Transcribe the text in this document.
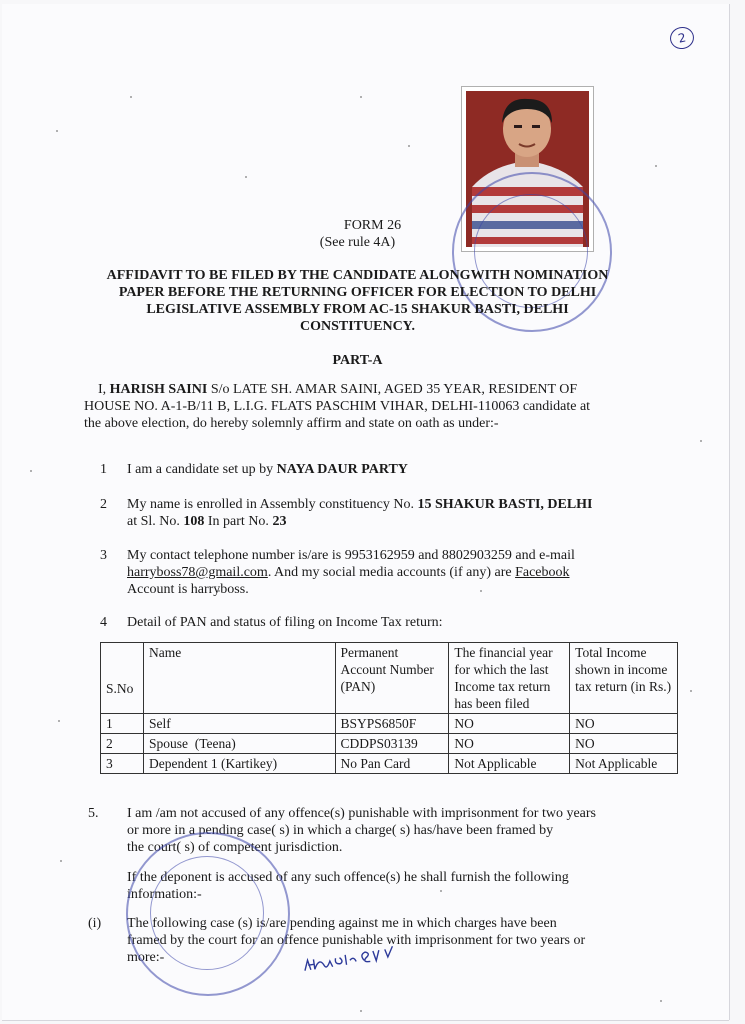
2
FORM 26
(See rule 4A)
AFFIDAVIT TO BE FILED BY THE CANDIDATE ALONGWITH NOMINATION
PAPER BEFORE THE RETURNING OFFICER FOR ELECTION TO DELHI
LEGISLATIVE ASSEMBLY FROM AC-15 SHAKUR BASTI, DELHI
CONSTITUENCY.
PART-A
I, HARISH SAINI S/o LATE SH. AMAR SAINI, AGED 35 YEAR, RESIDENT OF
HOUSE NO. A-1-B/11 B, L.I.G. FLATS PASCHIM VIHAR, DELHI-110063 candidate at
the above election, do hereby solemnly affirm and state on oath as under:-
1 I am a candidate set up by NAYA DAUR PARTY
2 My name is enrolled in Assembly constituency No. 15 SHAKUR BASTI, DELHI
at Sl. No. 108 In part No. 23
3 My contact telephone number is/are is 9953162959 and 8802903259 and e-mail
harryboss78@gmail.com. And my social media accounts (if any) are Facebook
Account is harryboss.
4 Detail of PAN and status of filing on Income Tax return:
S.No	Name	Permanent Account Number (PAN)	The financial year for which the last Income tax return has been filed	Total Income shown in income tax return (in Rs.)
1	Self	BSYPS6850F	NO	NO
2	Spouse  (Teena)	CDDPS03139	NO	NO
3	Dependent 1 (Kartikey)	No Pan Card	Not Applicable	Not Applicable
5. I am /am not accused of any offence(s) punishable with imprisonment for two years
or more in a pending case( s) in which a charge( s) has/have been framed by
the court( s) of competent jurisdiction.
If the deponent is accused of any such offence(s) he shall furnish the following
information:-
(i) The following case (s) is/are pending against me in which charges have been
framed by the court for an offence punishable with imprisonment for two years or
more:-
